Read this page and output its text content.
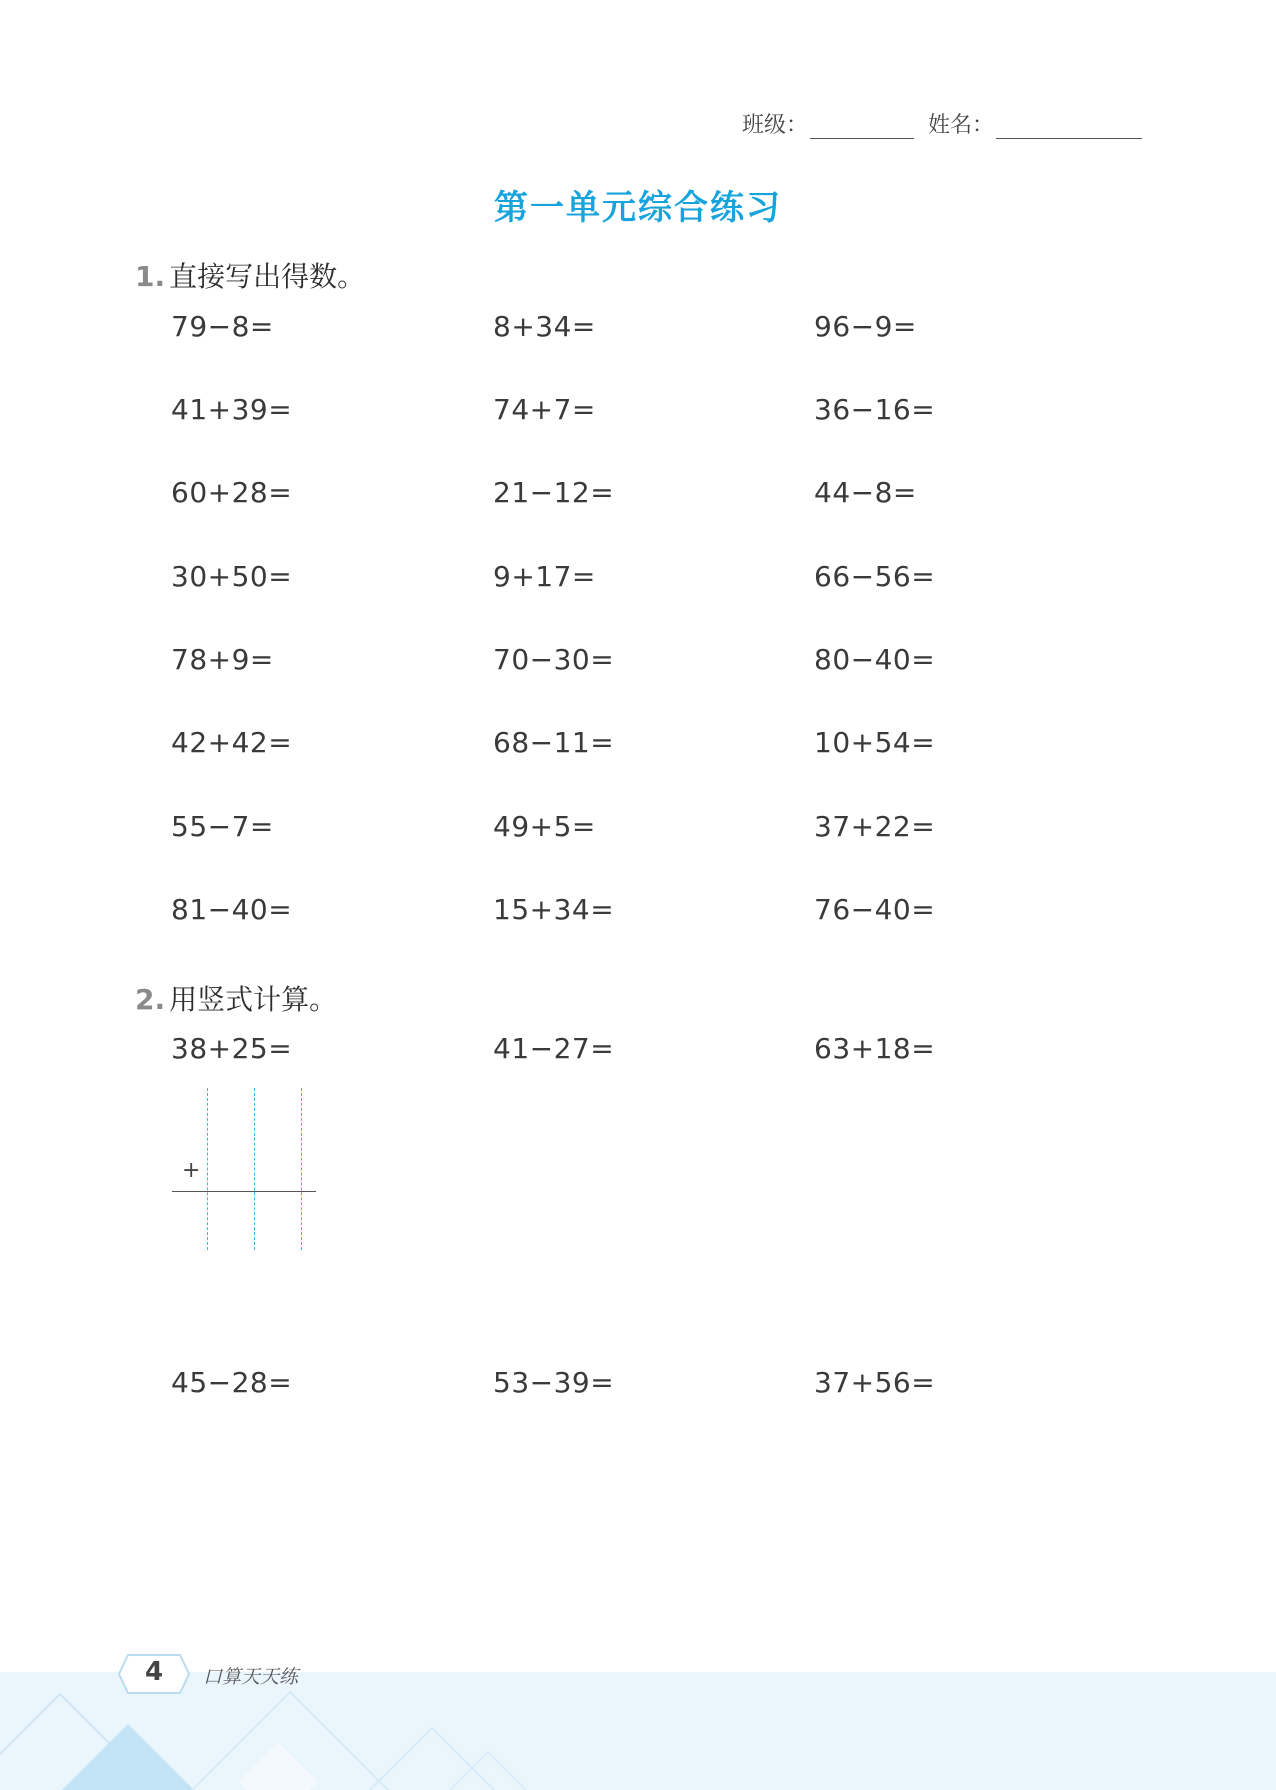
班级：	姓名：
第一单元综合练习
1. 直接写出得数。
79−8=	8+34=	96−9=
41+39=	74+7=	36−16=
60+28=	21−12=	44−8=
30+50=	9+17=	66−56=
78+9=	70−30=	80−40=
42+42=	68−11=	10+54=
55−7=	49+5=	37+22=
81−40=	15+34=	76−40=
2. 用竖式计算。
38+25=	41−27=	63+18=
+
45−28=	53−39=	37+56=
4	口算天天练
